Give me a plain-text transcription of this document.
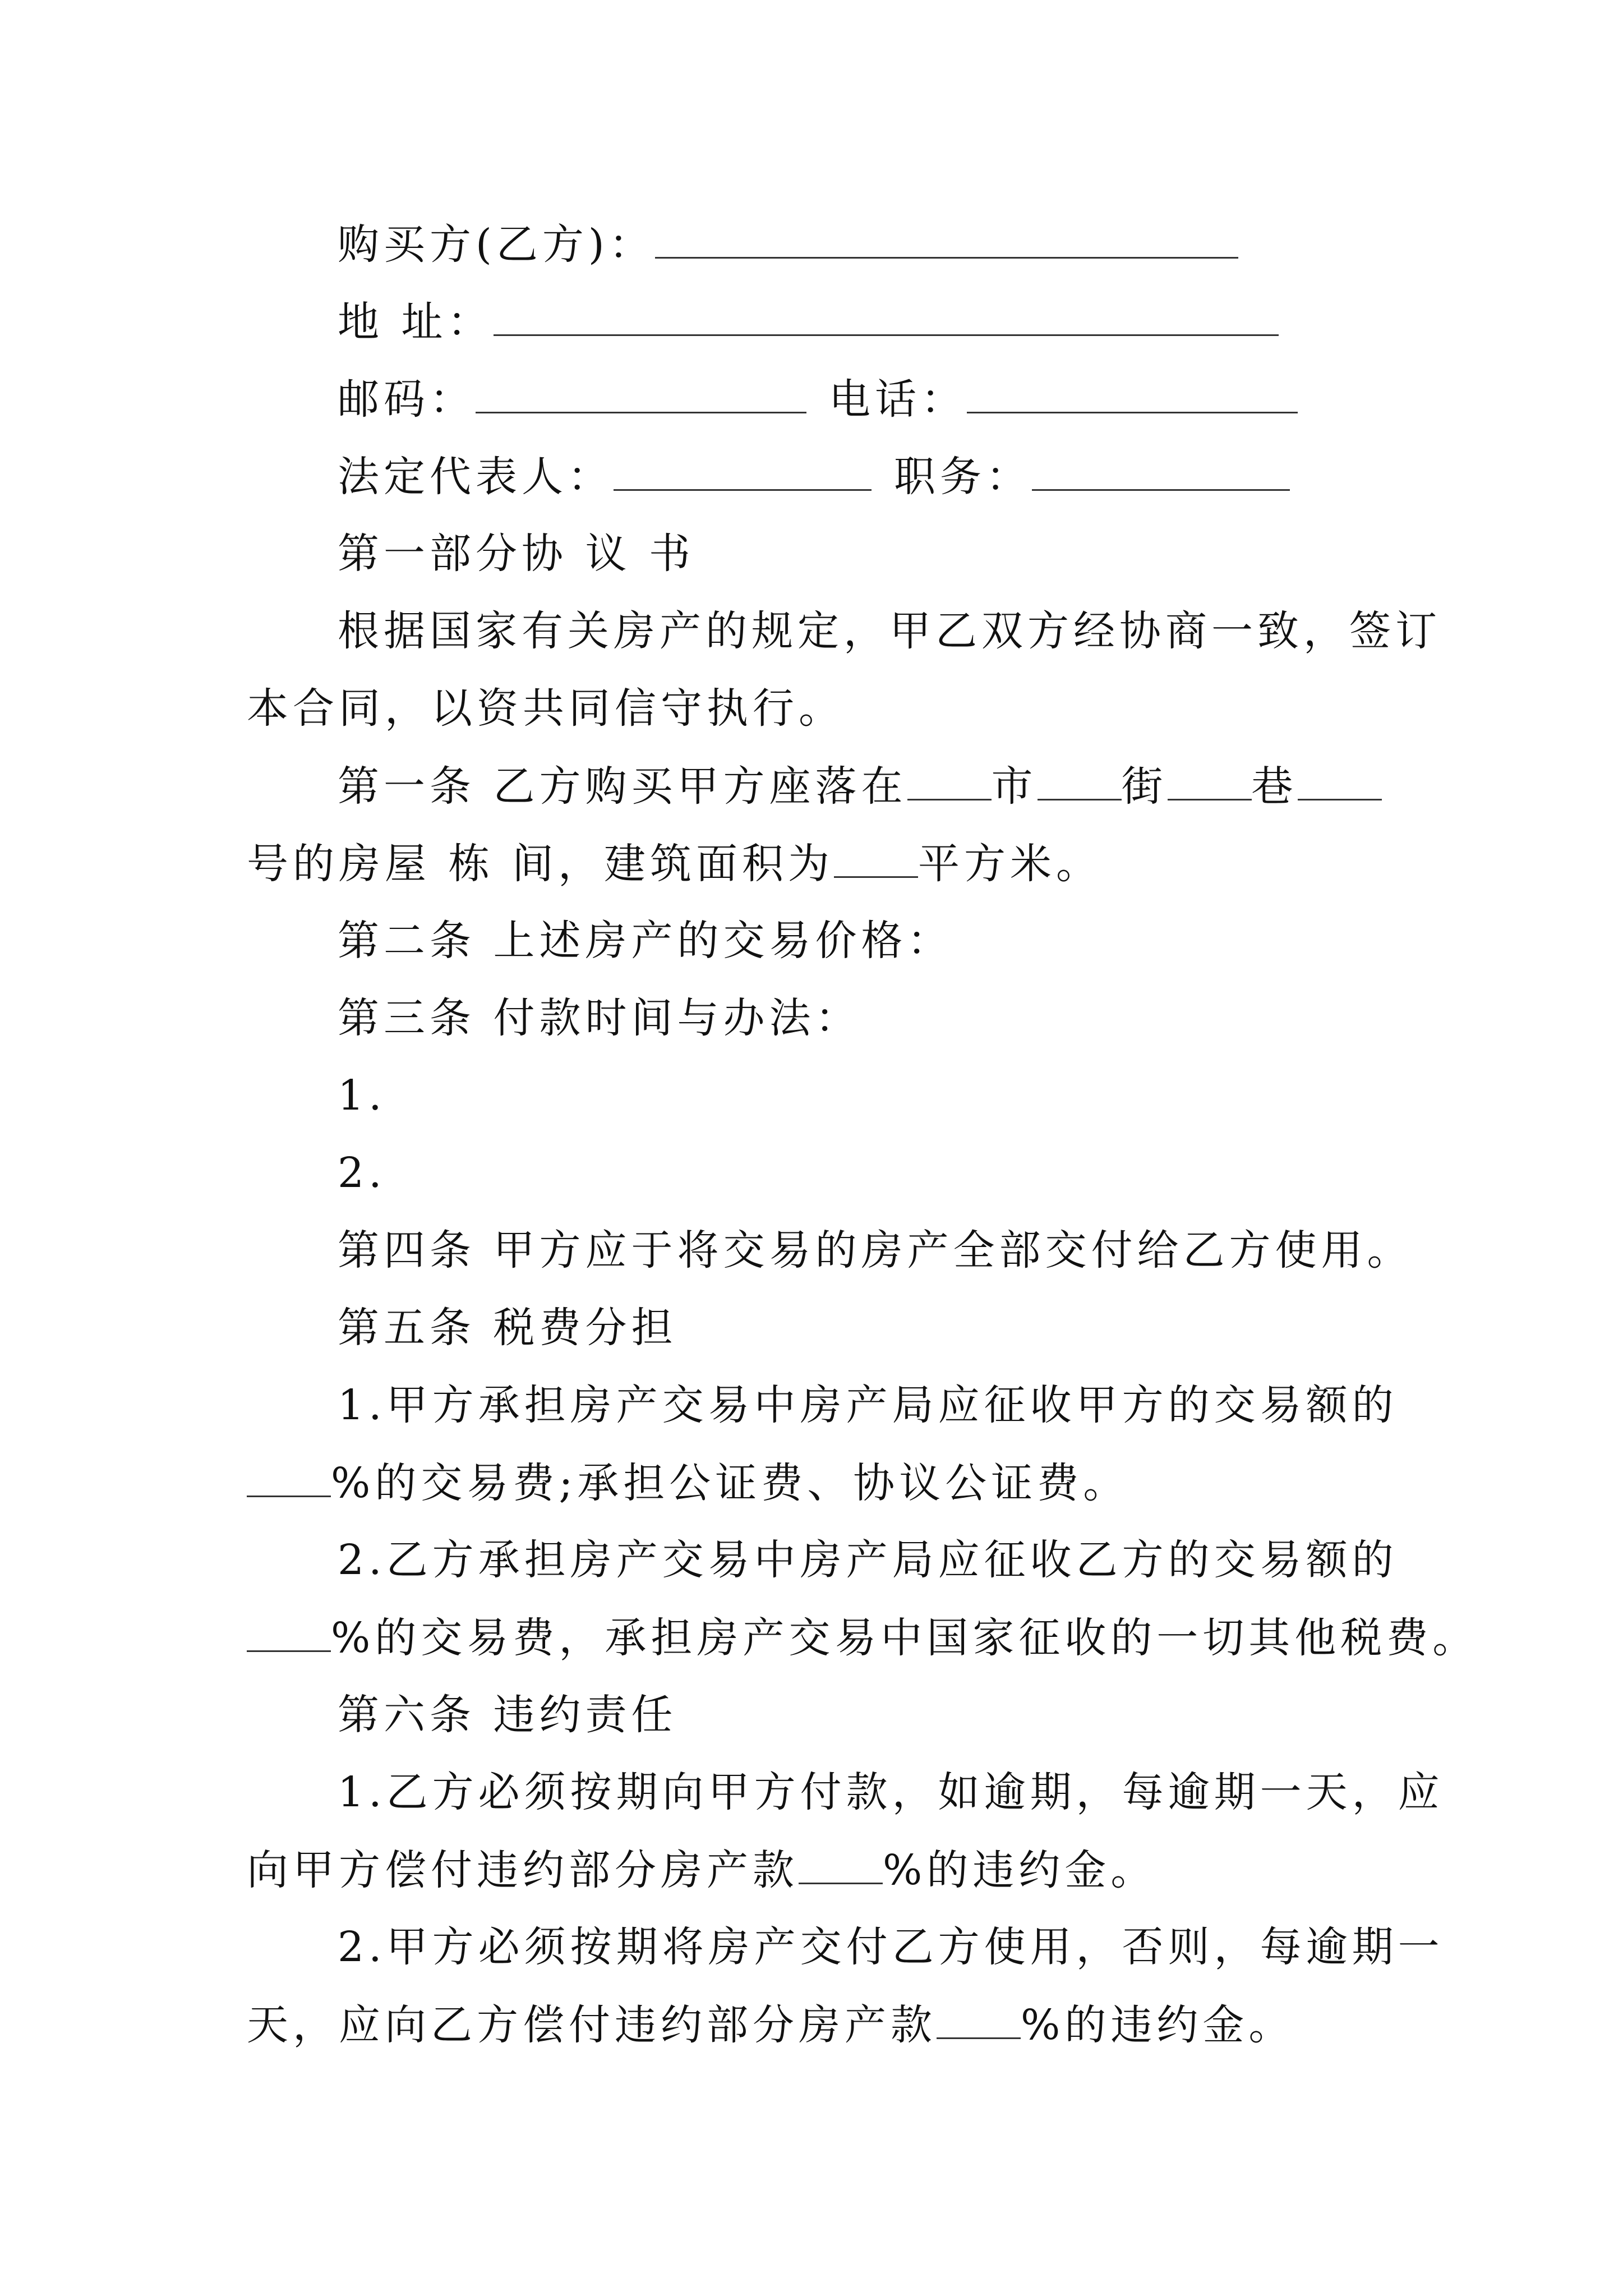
购买方(乙方)：
地 址：
邮码：	电话：
法定代表人：	职务：
第一部分协 议 书
根据国家有关房产的规定，甲乙双方经协商一致，签订
本合同，以资共同信守执行。
第一条 乙方购买甲方座落在 市 街 巷
号的房屋 栋 间，建筑面积为 平方米。
第二条 上述房产的交易价格：
第三条 付款时间与办法：
1.
2.
第四条 甲方应于将交易的房产全部交付给乙方使用。
第五条 税费分担
1.甲方承担房产交易中房产局应征收甲方的交易额的
%的交易费;承担公证费、协议公证费。
2.乙方承担房产交易中房产局应征收乙方的交易额的
%的交易费，承担房产交易中国家征收的一切其他税费。
第六条 违约责任
1.乙方必须按期向甲方付款，如逾期，每逾期一天，应
向甲方偿付违约部分房产款 %的违约金。
2.甲方必须按期将房产交付乙方使用，否则，每逾期一
天，应向乙方偿付违约部分房产款 %的违约金。
